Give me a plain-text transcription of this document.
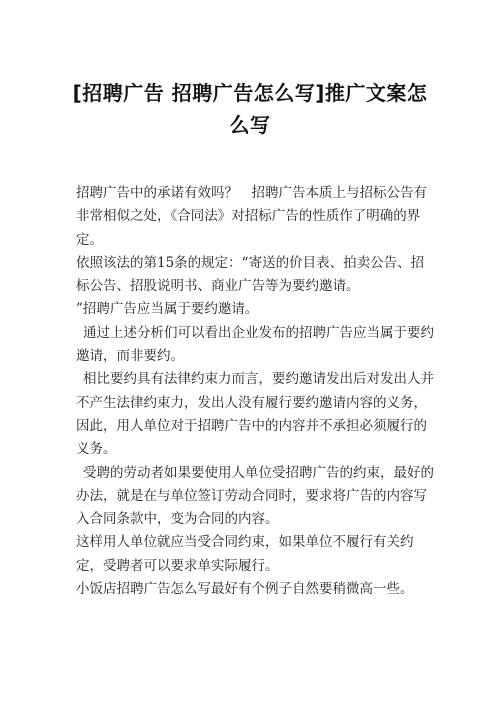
[招聘广告 招聘广告怎么写]推广文案怎么写

招聘广告中的承诺有效吗？　招聘广告本质上与招标公告有非常相似之处，《合同法》对招标广告的性质作了明确的界定。

依照该法的第15条的规定：“寄送的价目表、拍卖公告、招标公告、招股说明书、商业广告等为要约邀请。

”招聘广告应当属于要约邀请。

通过上述分析们可以看出企业发布的招聘广告应当属于要约邀请，而非要约。

相比要约具有法律约束力而言，要约邀请发出后对发出人并不产生法律约束力，发出人没有履行要约邀请内容的义务，因此，用人单位对于招聘广告中的内容并不承担必须履行的义务。

受聘的劳动者如果要使用人单位受招聘广告的约束，最好的办法，就是在与单位签订劳动合同时，要求将广告的内容写入合同条款中，变为合同的内容。

这样用人单位就应当受合同约束，如果单位不履行有关约定，受聘者可以要求单实际履行。

小饭店招聘广告怎么写最好有个例子自然要稍微高一些。
